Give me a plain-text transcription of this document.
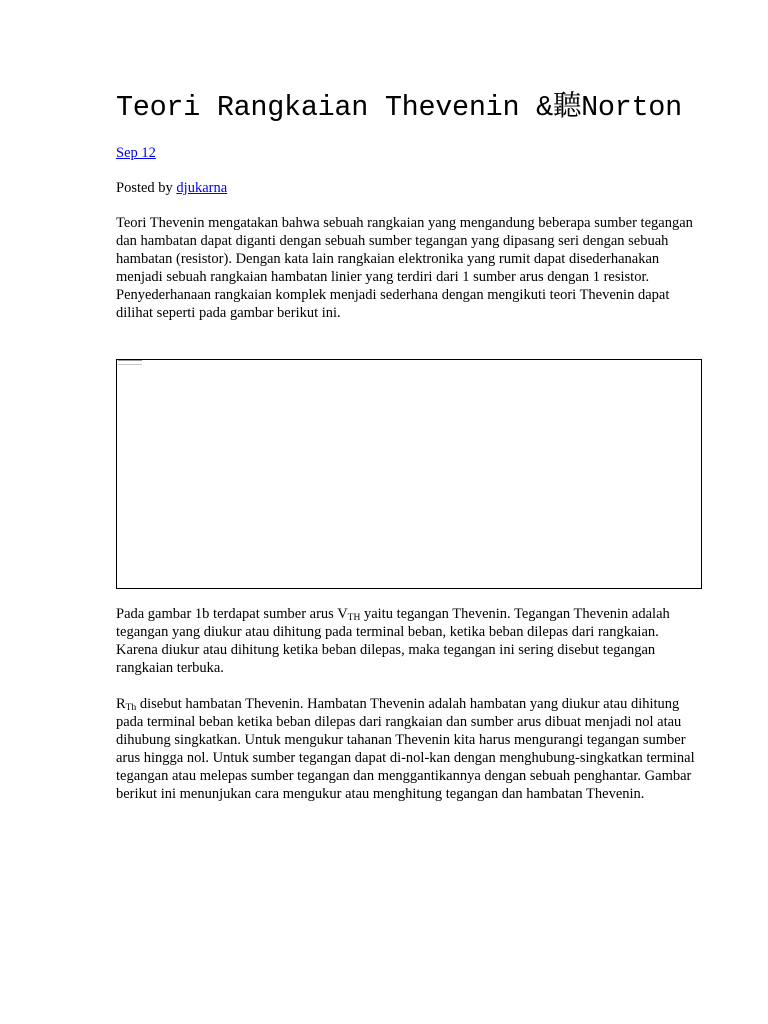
Teori Rangkaian Thevenin &聽Norton
Sep 12
Posted by djukarna

Teori Thevenin mengatakan bahwa sebuah rangkaian yang mengandung beberapa sumber tegangan dan hambatan dapat diganti dengan sebuah sumber tegangan yang dipasang seri dengan sebuah hambatan (resistor). Dengan kata lain rangkaian elektronika yang rumit dapat disederhanakan menjadi sebuah rangkaian hambatan linier yang terdiri dari 1 sumber arus dengan 1 resistor. Penyederhanaan rangkaian komplek menjadi sederhana dengan mengikuti teori Thevenin dapat dilihat seperti pada gambar berikut ini.

Pada gambar 1b terdapat sumber arus $V_{TH}$ yaitu tegangan Thevenin. Tegangan Thevenin adalah tegangan yang diukur atau dihitung pada terminal beban, ketika beban dilepas dari rangkaian. Karena diukur atau dihitung ketika beban dilepas, maka tegangan ini sering disebut tegangan rangkaian terbuka.

$R_{Th}$ disebut hambatan Thevenin. Hambatan Thevenin adalah hambatan yang diukur atau dihitung pada terminal beban ketika beban dilepas dari rangkaian dan sumber arus dibuat menjadi nol atau dihubung singkatkan. Untuk mengukur tahanan Thevenin kita harus mengurangi tegangan sumber arus hingga nol. Untuk sumber tegangan dapat di-nol-kan dengan menghubung-singkatkan terminal tegangan atau melepas sumber tegangan dan menggantikannya dengan sebuah penghantar. Gambar berikut ini menunjukan cara mengukur atau menghitung tegangan dan hambatan Thevenin.
